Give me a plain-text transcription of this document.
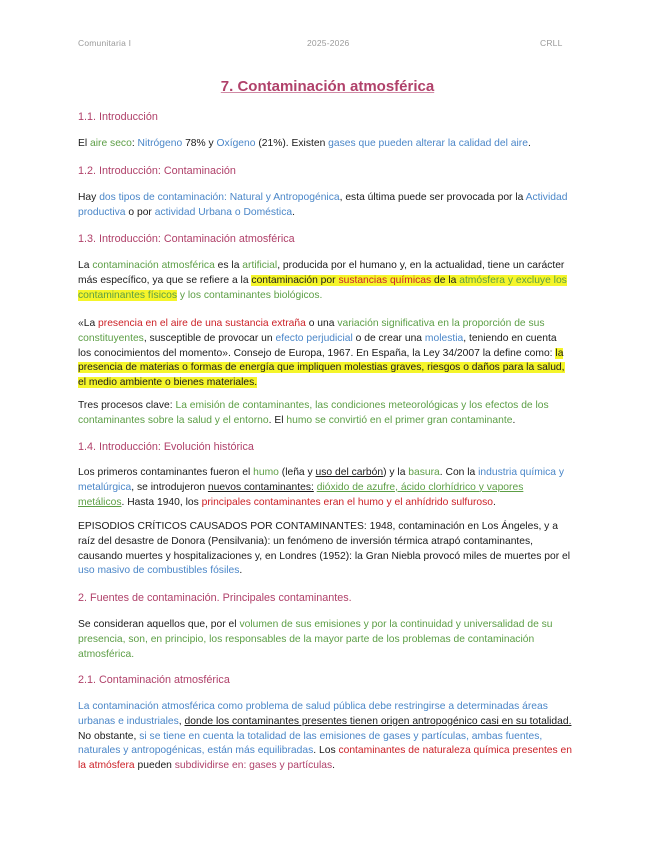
Comunitaria I	2025-2026	CRLL
7. Contaminación atmosférica
1.1. Introducción
El aire seco: Nitrógeno 78% y Oxígeno (21%). Existen gases que pueden alterar la calidad del aire.
1.2. Introducción: Contaminación
Hay dos tipos de contaminación: Natural y Antropogénica, esta última puede ser provocada por la Actividad productiva o por actividad Urbana o Doméstica.
1.3. Introducción: Contaminación atmosférica
La contaminación atmosférica es la artificial, producida por el humano y, en la actualidad, tiene un carácter más específico, ya que se refiere a la contaminación por sustancias químicas de la atmósfera y excluye los contaminantes físicos y los contaminantes biológicos.
«La presencia en el aire de una sustancia extraña o una variación significativa en la proporción de sus constituyentes, susceptible de provocar un efecto perjudicial o de crear una molestia, teniendo en cuenta los conocimientos del momento». Consejo de Europa, 1967. En España, la Ley 34/2007 la define como: la presencia de materias o formas de energía que impliquen molestias graves, riesgos o daños para la salud, el medio ambiente o bienes materiales.
Tres procesos clave: La emisión de contaminantes, las condiciones meteorológicas y los efectos de los contaminantes sobre la salud y el entorno. El humo se convirtió en el primer gran contaminante.
1.4. Introducción: Evolución histórica
Los primeros contaminantes fueron el humo (leña y uso del carbón) y la basura. Con la industria química y metalúrgica, se introdujeron nuevos contaminantes: dióxido de azufre, ácido clorhídrico y vapores metálicos. Hasta 1940, los principales contaminantes eran el humo y el anhídrido sulfuroso.
EPISODIOS CRÍTICOS CAUSADOS POR CONTAMINANTES: 1948, contaminación en Los Ángeles, y a raíz del desastre de Donora (Pensilvania): un fenómeno de inversión térmica atrapó contaminantes, causando muertes y hospitalizaciones y, en Londres (1952): la Gran Niebla provocó miles de muertes por el uso masivo de combustibles fósiles.
2. Fuentes de contaminación. Principales contaminantes.
Se consideran aquellos que, por el volumen de sus emisiones y por la continuidad y universalidad de su presencia, son, en principio, los responsables de la mayor parte de los problemas de contaminación atmosférica.
2.1. Contaminación atmosférica
La contaminación atmosférica como problema de salud pública debe restringirse a determinadas áreas urbanas e industriales, donde los contaminantes presentes tienen origen antropogénico casi en su totalidad. No obstante, si se tiene en cuenta la totalidad de las emisiones de gases y partículas, ambas fuentes, naturales y antropogénicas, están más equilibradas. Los contaminantes de naturaleza química presentes en la atmósfera pueden subdividirse en: gases y partículas.
